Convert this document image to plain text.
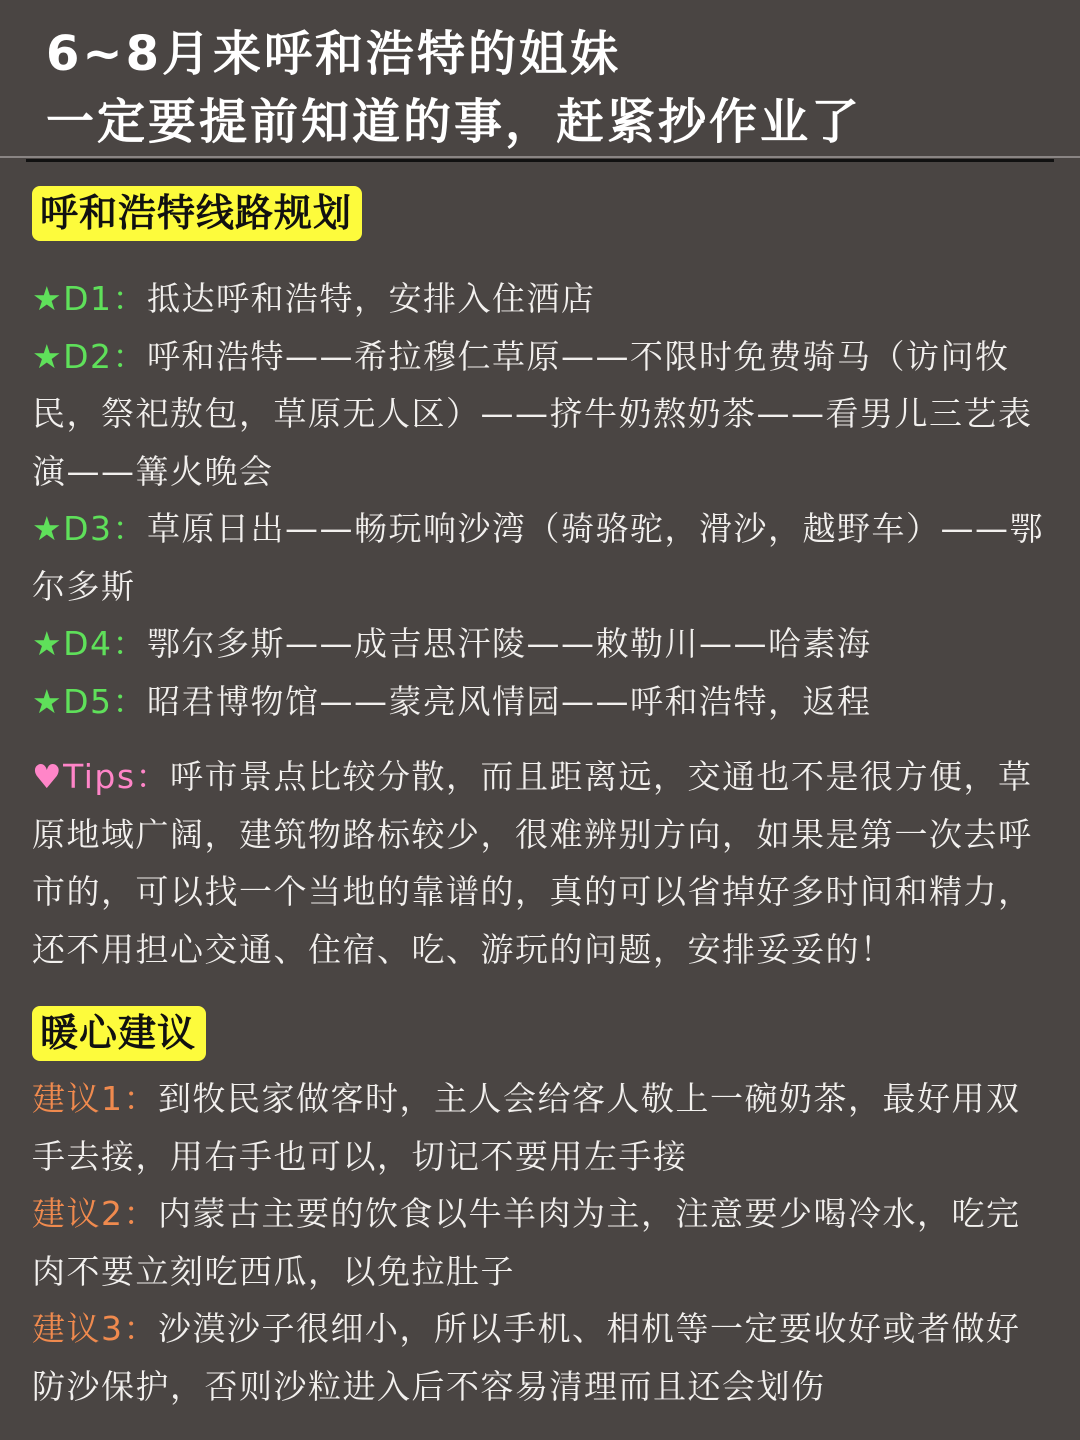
6~8月来呼和浩特的姐妹
一定要提前知道的事，赶紧抄作业了
呼和浩特线路规划
★D1：抵达呼和浩特，安排入住酒店
★D2：呼和浩特——希拉穆仁草原——不限时免费骑马（访问牧民，祭祀敖包，草原无人区）——挤牛奶熬奶茶——看男儿三艺表演——篝火晚会
★D3：草原日出——畅玩响沙湾（骑骆驼，滑沙，越野车）——鄂尔多斯
★D4：鄂尔多斯——成吉思汗陵——敕勒川——哈素海
★D5：昭君博物馆——蒙亮风情园——呼和浩特，返程
♥Tips：呼市景点比较分散，而且距离远，交通也不是很方便，草原地域广阔，建筑物路标较少，很难辨别方向，如果是第一次去呼市的，可以找一个当地的靠谱的，真的可以省掉好多时间和精力，还不用担心交通、住宿、吃、游玩的问题，安排妥妥的！
暖心建议
建议1：到牧民家做客时，主人会给客人敬上一碗奶茶，最好用双手去接，用右手也可以，切记不要用左手接
建议2：内蒙古主要的饮食以牛羊肉为主，注意要少喝冷水，吃完肉不要立刻吃西瓜，以免拉肚子
建议3：沙漠沙子很细小，所以手机、相机等一定要收好或者做好防沙保护，否则沙粒进入后不容易清理而且还会划伤
